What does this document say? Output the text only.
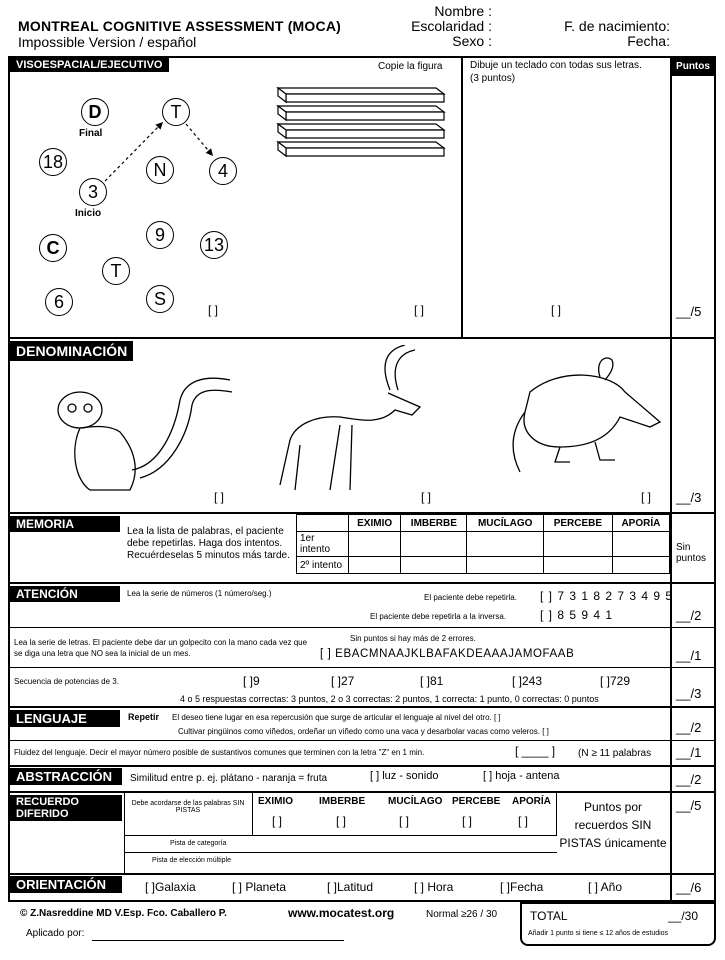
MONTREAL COGNITIVE ASSESSMENT (MOCA)
Impossible Version / español
Nombre :
Escolaridad :
Sexo :
F. de nacimiento:
Fecha:
Puntos
VISOESPACIAL/EJECUTIVO	Copie la figura	Dibuje un teclado con todas sus letras.
(3 puntos)
D	T
18	N	4
3
9	13
C
T
6	S
Final
Inicio
[ ]	[ ]	[ ]	__/5
DENOMINACIÓN
[ ]	[ ]	[ ] __/3
MEMORIA
Lea la lista de palabras, el paciente debe repetirlas. Haga dos intentos. Recuérdeselas 5 minutos más tarde.
	EXIMIO	IMBERBE	MUCÍLAGO	PERCEBE	APORÍA
1er intento					
2º intento					
Sin puntos
ATENCIÓN	Lea la serie de números (1 número/seg.)	El paciente debe repetirla. [ ] 7 3 1 8 2 7 3 4 9 5
El paciente debe repetirla a la inversa.	[ ] 8 5 9 4 1	__/2
Lea la serie de letras. El paciente debe dar un golpecito con la mano cada vez que se diga una letra que NO sea la inicial de un mes.
Sin puntos si hay más de 2 errores.
[ ] EBACMNAAJKLBAFAKDEAAAJAMOFAAB	__/1
Secuencia de potencias de 3.	[ ]9	[ ]27	[ ]81	[ ]243	[ ]729
4 o 5 respuestas correctas: 3 puntos, 2 o 3 correctas: 2 puntos, 1 correcta: 1 punto, 0 correctas: 0 puntos	__/3
LENGUAJE	Repetir El deseo tiene lugar en esa repercusión que surge de articular el lenguaje al nivel del otro. [ ]
Cultivar pingüinos como viñedos, ordeñar un viñedo como una vaca y desarbolar vacas como veleros. [ ]	__/2
Fluidez del lenguaje. Decir el mayor número posible de sustantivos comunes que terminen con la letra "Z" en 1 min.	[ ____ ] (N ≥ 11 palabras __/1
ABSTRACCIÓN	Similitud entre p. ej. plátano - naranja = fruta	[ ] luz - sonido	[ ] hoja - antena	__/2
RECUERDO DIFERIDO
Debe acordarse de las palabras SIN PISTAS
EXIMIO	IMBERBE MUCÍLAGO PERCEBE APORÍA
[ ]	[ ]	[ ]	[ ]	[ ]
Pista de categoría
Pista de elección múltiple
Puntos por recuerdos SIN PISTAS únicamente
__/5
ORIENTACIÓN	[ ]Galaxia	[ ] Planeta	[ ]Latitud	[ ] Hora	[ ]Fecha	[ ] Año	__/6
© Z.Nasreddine MD V.Esp. Fco. Caballero P.	www.mocatest.org	Normal ≥26 / 30	TOTAL	__/30
Añadir 1 punto si tiene ≤ 12 años de estudios
Aplicado por:
